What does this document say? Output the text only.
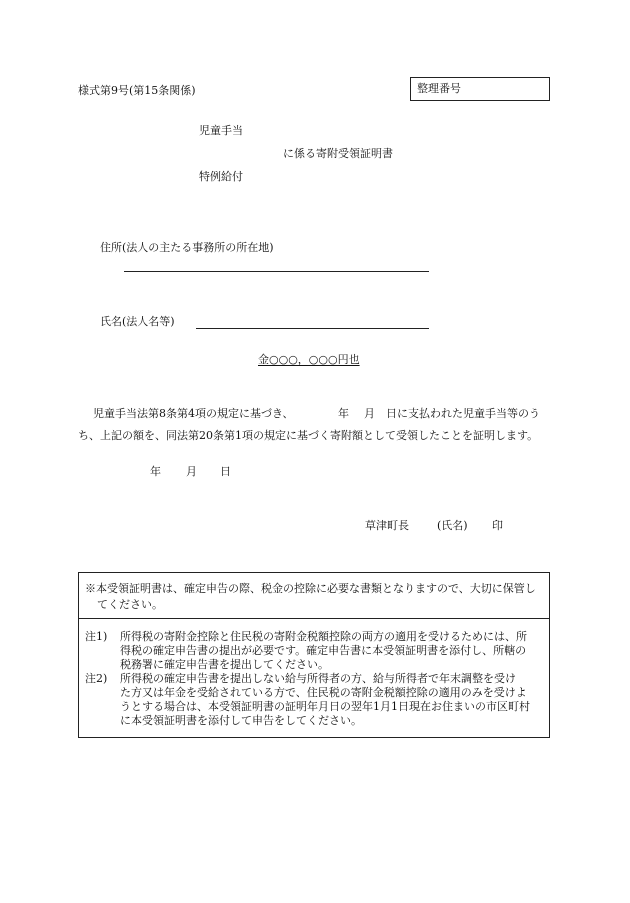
様式第9号(第15条関係)	整理番号
児童手当
に係る寄附受領証明書
特例給付
住所(法人の主たる事務所の所在地)
氏名(法人名等)
金○○○，○○○円也
児童手当法第8条第4項の規定に基づき、	年 月 日に支払われた児童手当等のう
ち、上記の額を、同法第20条第1項の規定に基づく寄附額として受領したことを証明します。
年 月 日
草津町長	(氏名) 印
※本受領証明書は、確定申告の際、税金の控除に必要な書類となりますので、大切に保管し
てください。
注1) 所得税の寄附金控除と住民税の寄附金税額控除の両方の適用を受けるためには、所
得税の確定申告書の提出が必要です。確定申告書に本受領証明書を添付し、所轄の
税務署に確定申告書を提出してください。
注2) 所得税の確定申告書を提出しない給与所得者の方、給与所得者で年末調整を受け
た方又は年金を受給されている方で、住民税の寄附金税額控除の適用のみを受けよ
うとする場合は、本受領証明書の証明年月日の翌年1月1日現在お住まいの市区町村
に本受領証明書を添付して申告をしてください。
